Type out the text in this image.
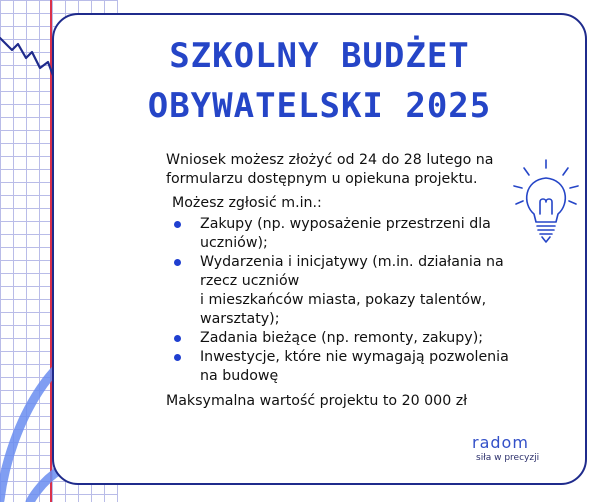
SZKOLNY BUDŻET
OBYWATELSKI 2025

Wniosek możesz złożyć od 24 do 28 lutego na formularzu dostępnym u opiekuna projektu.

Możesz zgłosić m.in.:

Zakupy (np. wyposażenie przestrzeni dla uczniów);
Wydarzenia i inicjatywy (m.in. działania na rzecz uczniów
i mieszkańców miasta, pokazy talentów, warsztaty);
Zadania bieżące (np. remonty, zakupy);
Inwestycje, które nie wymagają pozwolenia na budowę

Maksymalna wartość projektu to 20 000 zł

radom
siła w precyzji
